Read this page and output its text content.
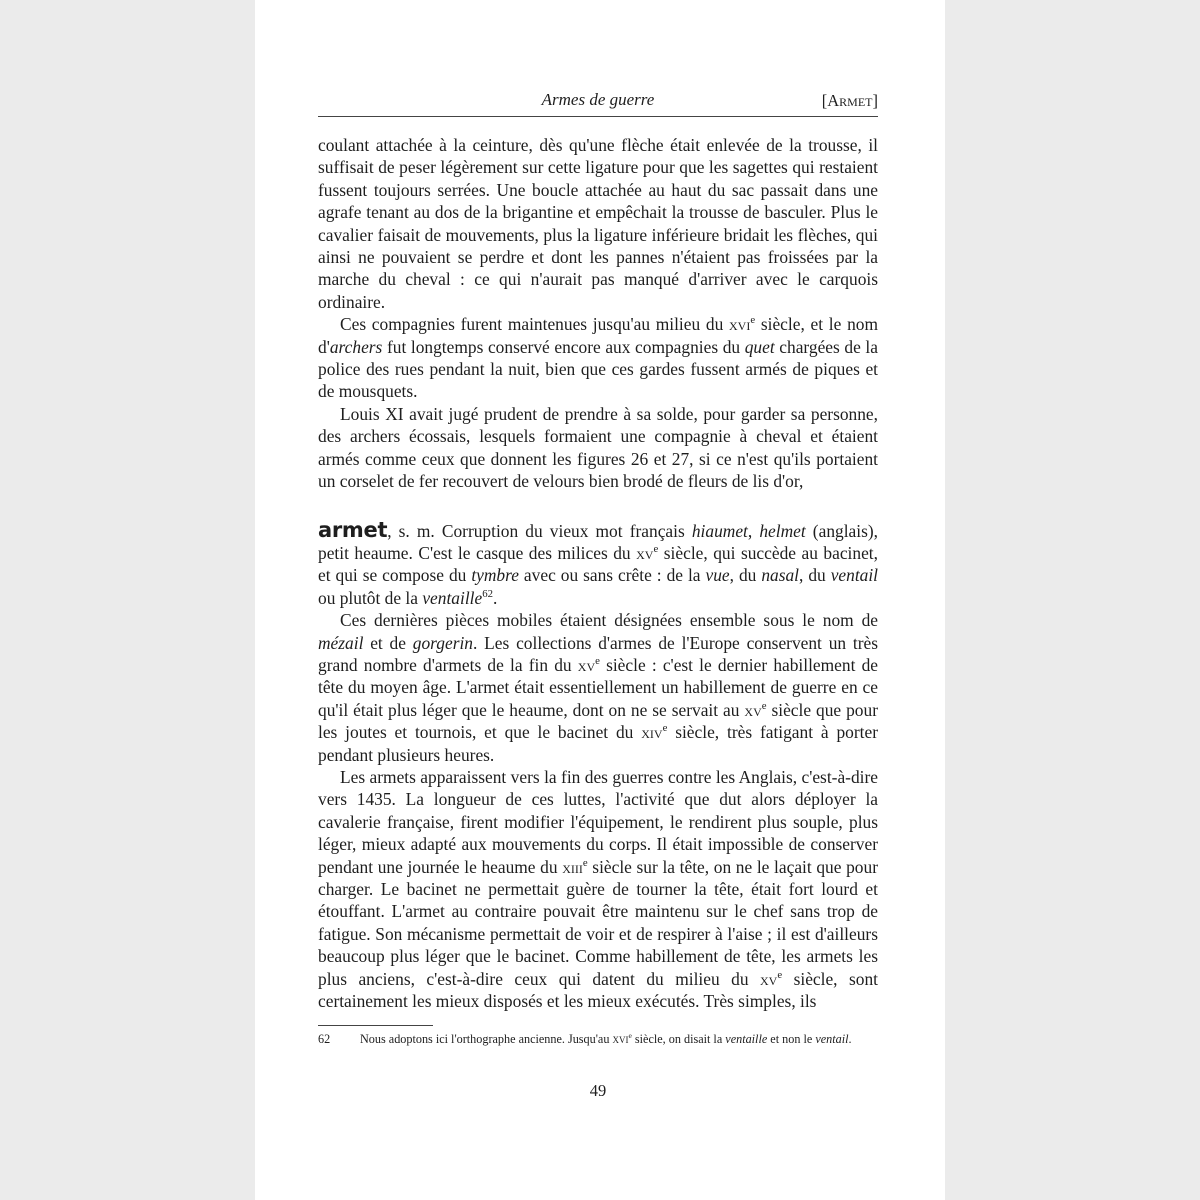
Armes de guerre	[Armet]

coulant attachée à la ceinture, dès qu'une flèche était enlevée de la trousse, il suffisait de peser légèrement sur cette ligature pour que les sagettes qui restaient fussent toujours serrées. Une boucle attachée au haut du sac passait dans une agrafe tenant au dos de la brigantine et empêchait la trousse de basculer. Plus le cavalier faisait de mouvements, plus la ligature inférieure bridait les flèches, qui ainsi ne pouvaient se perdre et dont les pannes n'étaient pas froissées par la marche du cheval : ce qui n'aurait pas manqué d'arriver avec le carquois ordinaire.

Ces compagnies furent maintenues jusqu'au milieu du xvi$^e$ siècle, et le nom d'archers fut longtemps conservé encore aux compagnies du quet chargées de la police des rues pendant la nuit, bien que ces gardes fussent armés de piques et de mousquets.

Louis XI avait jugé prudent de prendre à sa solde, pour garder sa personne, des archers écossais, lesquels formaient une compagnie à cheval et étaient armés comme ceux que donnent les figures 26 et 27, si ce n'est qu'ils portaient un corselet de fer recouvert de velours bien brodé de fleurs de lis d'or,

armet, s. m. Corruption du vieux mot français hiaumet, helmet (anglais), petit heaume. C'est le casque des milices du $xv^e$ siècle, qui succède au bacinet, et qui se compose du tymbre avec ou sans crête : de la vue, du nasal, du ventail ou plutôt de la ventaille$^{62}$.

Ces dernières pièces mobiles étaient désignées ensemble sous le nom de mézail et de gorgerin. Les collections d'armes de l'Europe conservent un très grand nombre d'armets de la fin du $xv^e$ siècle : c'est le dernier habillement de tête du moyen âge. L'armet était essentiellement un habillement de guerre en ce qu'il était plus léger que le heaume, dont on ne se servait au $xv^e$ siècle que pour les joutes et tournois, et que le bacinet du xiv$^e$ siècle, très fatigant à porter pendant plusieurs heures.

Les armets apparaissent vers la fin des guerres contre les Anglais, c'est-à-dire vers 1435. La longueur de ces luttes, l'activité que dut alors déployer la cavalerie française, firent modifier l'équipement, le rendirent plus souple, plus léger, mieux adapté aux mouvements du corps. Il était impossible de conserver pendant une journée le heaume du xiii$^e$ siècle sur la tête, on ne le laçait que pour charger. Le bacinet ne permettait guère de tourner la tête, était fort lourd et étouffant. L'armet au contraire pouvait être maintenu sur le chef sans trop de fatigue. Son mécanisme permettait de voir et de respirer à l'aise ; il est d'ailleurs beaucoup plus léger que le bacinet. Comme habillement de tête, les armets les plus anciens, c'est-à-dire ceux qui datent du milieu du $xv^e$ siècle, sont certainement les mieux disposés et les mieux exécutés. Très simples, ils

62 Nous adoptons ici l'orthographe ancienne. Jusqu'au xvi$^e$ siècle, on disait la ventaille et non le ventail.
49
